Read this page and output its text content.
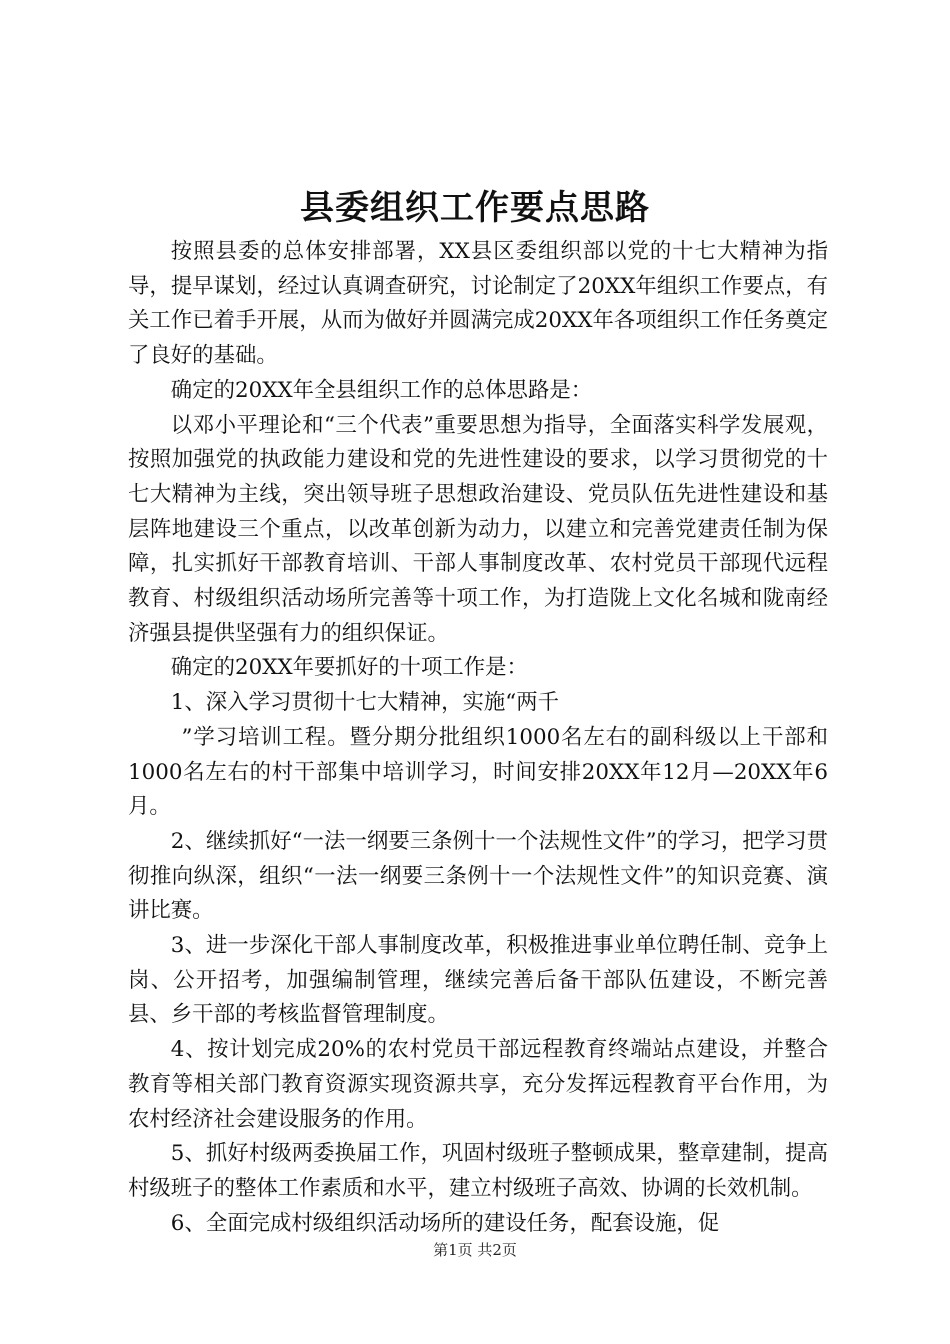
县委组织工作要点思路

按照县委的总体安排部署，XX县区委组织部以党的十七大精神为指导，提早谋划，经过认真调查研究，讨论制定了20XX年组织工作要点，有关工作已着手开展，从而为做好并圆满完成20XX年各项组织工作任务奠定了良好的基础。

确定的20XX年全县组织工作的总体思路是：

以邓小平理论和“三个代表”重要思想为指导，全面落实科学发展观，按照加强党的执政能力建设和党的先进性建设的要求，以学习贯彻党的十七大精神为主线，突出领导班子思想政治建设、党员队伍先进性建设和基层阵地建设三个重点，以改革创新为动力，以建立和完善党建责任制为保障，扎实抓好干部教育培训、干部人事制度改革、农村党员干部现代远程教育、村级组织活动场所完善等十项工作，为打造陇上文化名城和陇南经济强县提供坚强有力的组织保证。

确定的20XX年要抓好的十项工作是：

1、深入学习贯彻十七大精神，实施“两千

”学习培训工程。暨分期分批组织1000名左右的副科级以上干部和1000名左右的村干部集中培训学习，时间安排20XX年12月—20XX年6月。

2、继续抓好“一法一纲要三条例十一个法规性文件”的学习，把学习贯彻推向纵深，组织“一法一纲要三条例十一个法规性文件”的知识竞赛、演讲比赛。

3、进一步深化干部人事制度改革，积极推进事业单位聘任制、竞争上岗、公开招考，加强编制管理，继续完善后备干部队伍建设，不断完善县、乡干部的考核监督管理制度。

4、按计划完成20%的农村党员干部远程教育终端站点建设，并整合教育等相关部门教育资源实现资源共享，充分发挥远程教育平台作用，为农村经济社会建设服务的作用。

5、抓好村级两委换届工作，巩固村级班子整顿成果，整章建制，提高村级班子的整体工作素质和水平，建立村级班子高效、协调的长效机制。

6、全面完成村级组织活动场所的建设任务，配套设施，促

第1页 共2页
